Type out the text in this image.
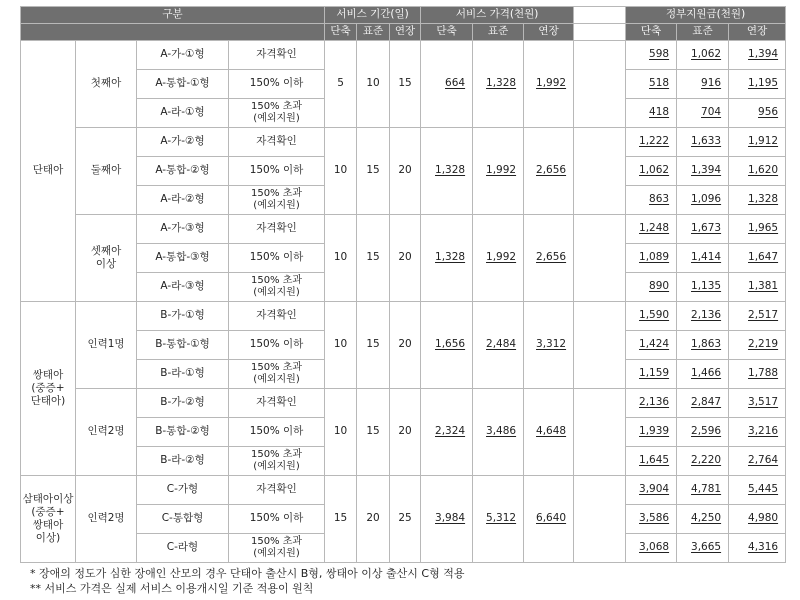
구분				서비스 기간(일)			서비스 가격(천원)				정부지원금(천원)		
				단축	표준	연장	단축	표준	연장		단축	표준	연장
단태아	첫째아	A-가-①형	자격확인	5	10	15	664	1,328	1,992		598	1,062	1,394
		A-통합-①형	150% 이하								518	916	1,195
		A-라-①형	150% 초과
(예외지원)								418	704	956
	둘째아	A-가-②형	자격확인	10	15	20	1,328	1,992	2,656		1,222	1,633	1,912
		A-통합-②형	150% 이하								1,062	1,394	1,620
		A-라-②형	150% 초과
(예외지원)								863	1,096	1,328
	셋째아
이상	A-가-③형	자격확인	10	15	20	1,328	1,992	2,656		1,248	1,673	1,965
		A-통합-③형	150% 이하								1,089	1,414	1,647
		A-라-③형	150% 초과
(예외지원)								890	1,135	1,381
쌍태아
(중증+
단태아)	인력1명	B-가-①형	자격확인	10	15	20	1,656	2,484	3,312		1,590	2,136	2,517
		B-통합-①형	150% 이하								1,424	1,863	2,219
		B-라-①형	150% 초과
(예외지원)								1,159	1,466	1,788
	인력2명	B-가-②형	자격확인	10	15	20	2,324	3,486	4,648		2,136	2,847	3,517
		B-통합-②형	150% 이하								1,939	2,596	3,216
		B-라-②형	150% 초과
(예외지원)								1,645	2,220	2,764
삼태아이상
(중증+
쌍태아
이상)	인력2명	C-가형	자격확인	15	20	25	3,984	5,312	6,640		3,904	4,781	5,445
		C-통합형	150% 이하								3,586	4,250	4,980
		C-라형	150% 초과
(예외지원)								3,068	3,665	4,316
* 장애의 정도가 심한 장애인 산모의 경우 단태아 출산시 B형, 쌍태아 이상 출산시 C형 적용
** 서비스 가격은 실제 서비스 이용개시일 기준 적용이 원칙
